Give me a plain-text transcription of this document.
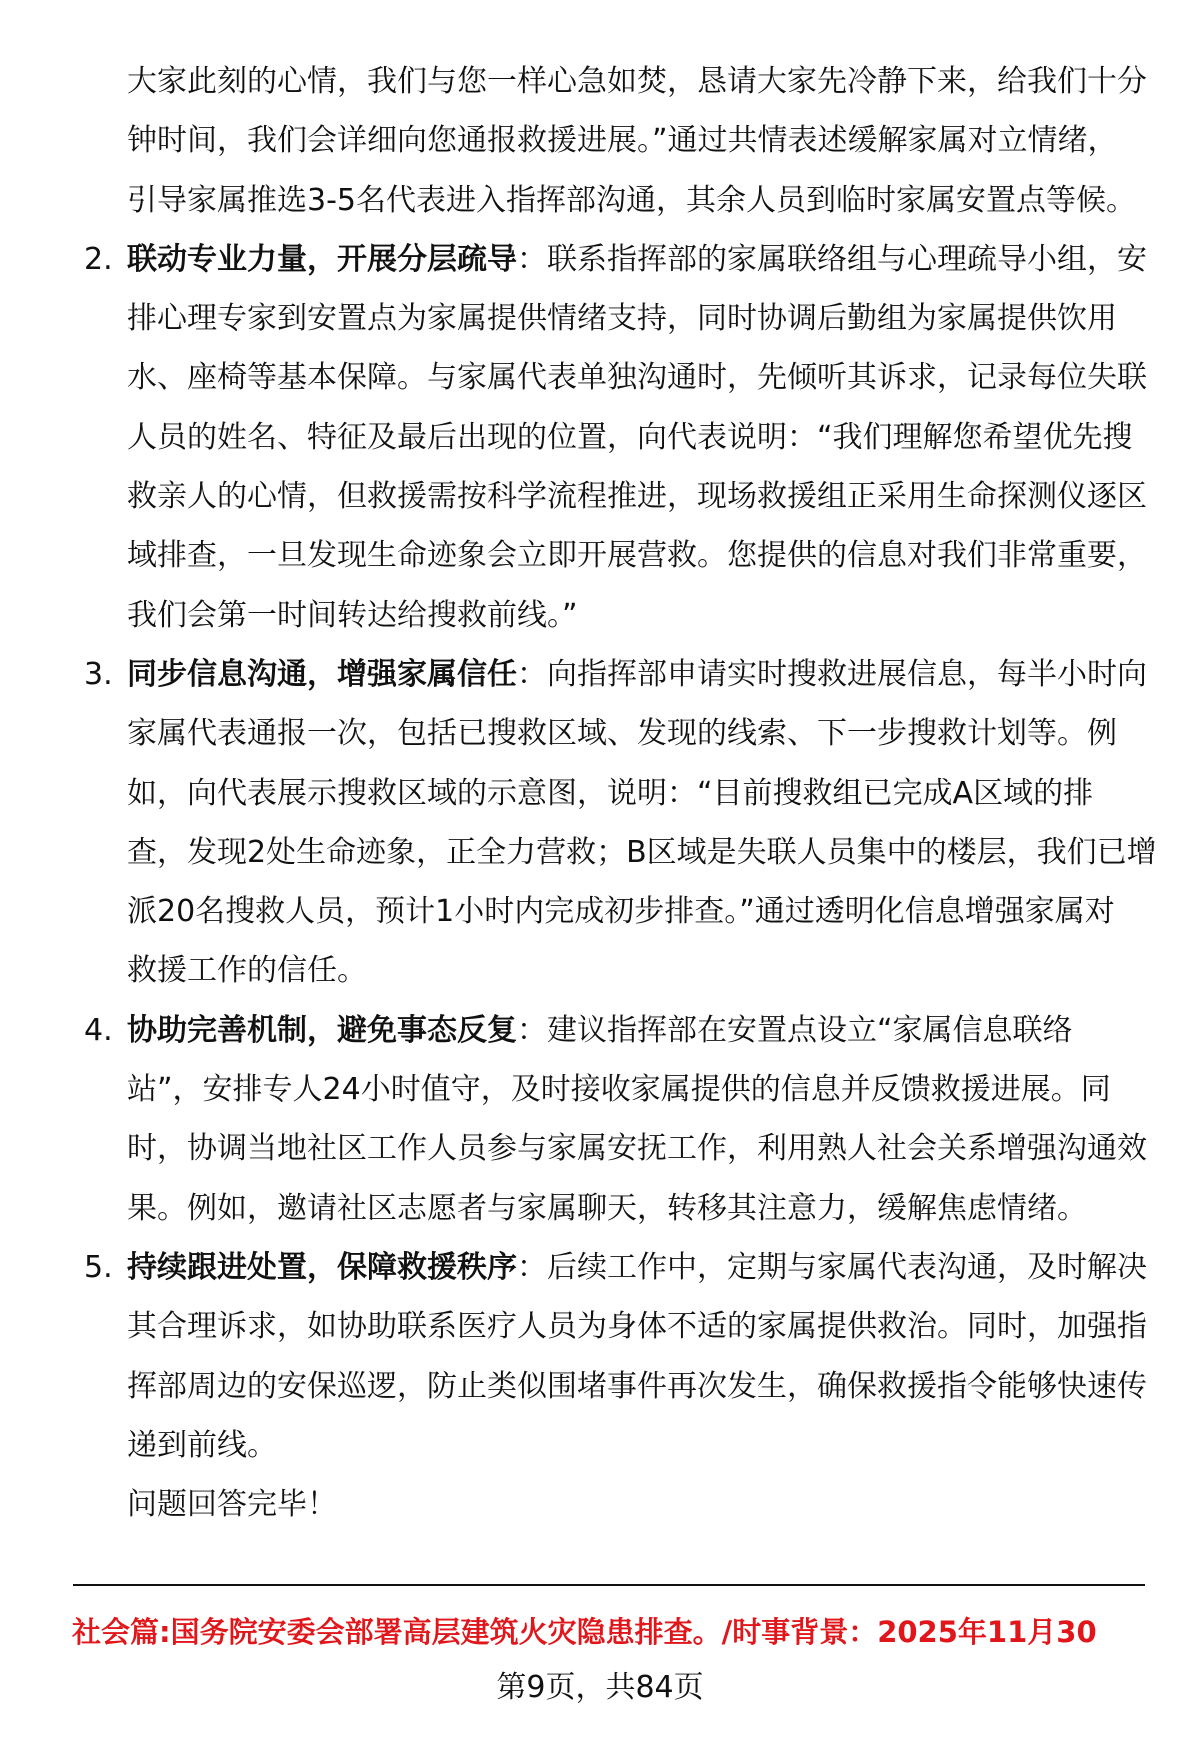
大家此刻的心情，我们与您一样心急如焚，恳请大家先冷静下来，给我们十分
钟时间，我们会详细向您通报救援进展。”通过共情表述缓解家属对立情绪，
引导家属推选3-5名代表进入指挥部沟通，其余人员到临时家属安置点等候。
2. 联动专业力量，开展分层疏导：联系指挥部的家属联络组与心理疏导小组，安
排心理专家到安置点为家属提供情绪支持，同时协调后勤组为家属提供饮用
水、座椅等基本保障。与家属代表单独沟通时，先倾听其诉求，记录每位失联
人员的姓名、特征及最后出现的位置，向代表说明：“我们理解您希望优先搜
救亲人的心情，但救援需按科学流程推进，现场救援组正采用生命探测仪逐区
域排查，一旦发现生命迹象会立即开展营救。您提供的信息对我们非常重要，
我们会第一时间转达给搜救前线。”
3. 同步信息沟通，增强家属信任：向指挥部申请实时搜救进展信息，每半小时向
家属代表通报一次，包括已搜救区域、发现的线索、下一步搜救计划等。例
如，向代表展示搜救区域的示意图，说明：“目前搜救组已完成A区域的排
查，发现2处生命迹象，正全力营救；B区域是失联人员集中的楼层，我们已增
派20名搜救人员，预计1小时内完成初步排查。”通过透明化信息增强家属对
救援工作的信任。
4. 协助完善机制，避免事态反复：建议指挥部在安置点设立“家属信息联络
站”，安排专人24小时值守，及时接收家属提供的信息并反馈救援进展。同
时，协调当地社区工作人员参与家属安抚工作，利用熟人社会关系增强沟通效
果。例如，邀请社区志愿者与家属聊天，转移其注意力，缓解焦虑情绪。
5. 持续跟进处置，保障救援秩序：后续工作中，定期与家属代表沟通，及时解决
其合理诉求，如协助联系医疗人员为身体不适的家属提供救治。同时，加强指
挥部周边的安保巡逻，防止类似围堵事件再次发生，确保救援指令能够快速传
递到前线。
问题回答完毕！
社会篇:国务院安委会部署高层建筑火灾隐患排查。/时事背景：2025年11月30
第9页，共84页
